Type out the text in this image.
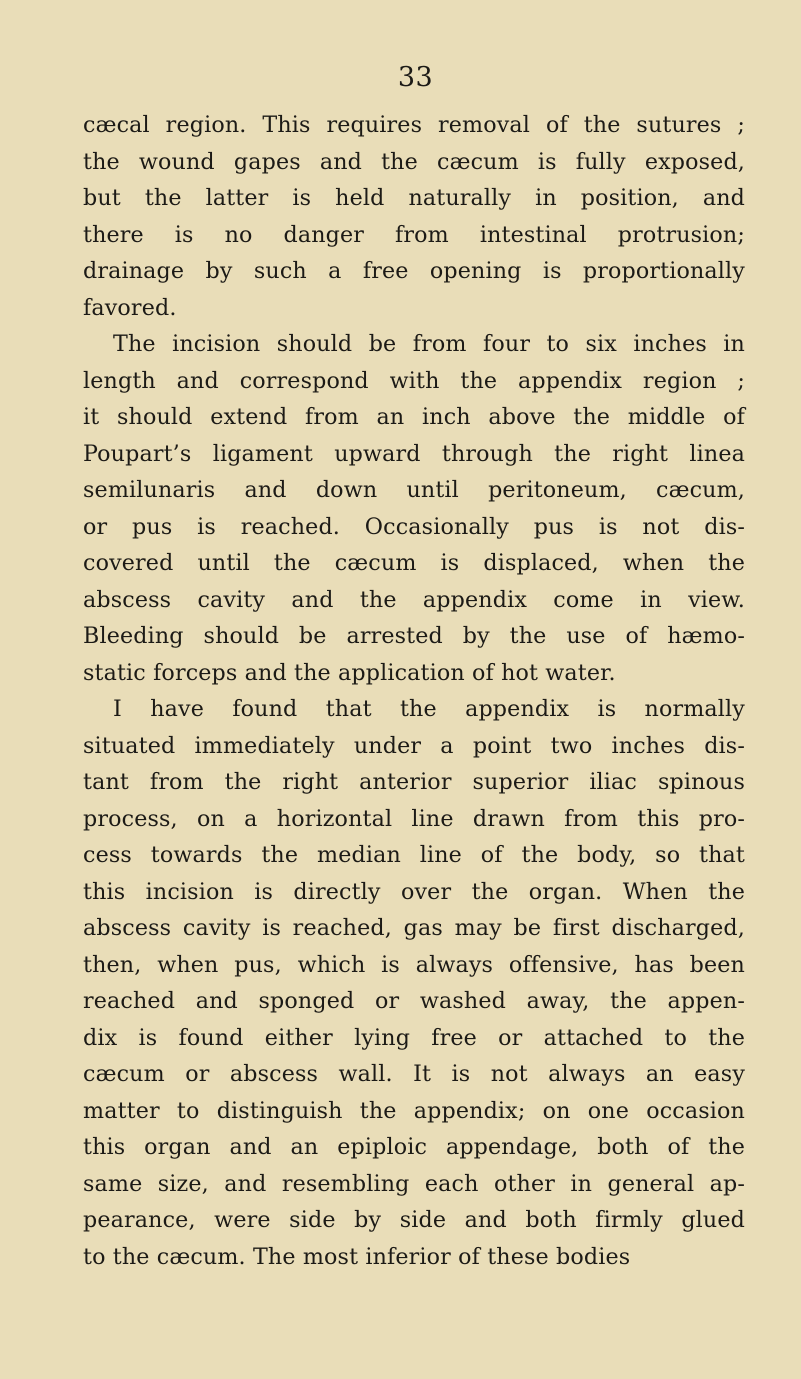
33
cæcal region. This requires removal of the sutures ;
the wound gapes and the cæcum is fully exposed,
but the latter is held naturally in position, and
there is no danger from intestinal protrusion;
drainage by such a free opening is proportionally
favored.
The incision should be from four to six inches in
length and correspond with the appendix region ;
it should extend from an inch above the middle of
Poupart’s ligament upward through the right linea
semilunaris and down until peritoneum, cæcum,
or pus is reached. Occasionally pus is not dis-
covered until the cæcum is displaced, when the
abscess cavity and the appendix come in view.
Bleeding should be arrested by the use of hæmo-
static forceps and the application of hot water.
I have found that the appendix is normally
situated immediately under a point two inches dis-
tant from the right anterior superior iliac spinous
process, on a horizontal line drawn from this pro-
cess towards the median line of the body, so that
this incision is directly over the organ. When the
abscess cavity is reached, gas may be first discharged,
then, when pus, which is always offensive, has been
reached and sponged or washed away, the appen-
dix is found either lying free or attached to the
cæcum or abscess wall. It is not always an easy
matter to distinguish the appendix; on one occasion
this organ and an epiploic appendage, both of the
same size, and resembling each other in general ap-
pearance, were side by side and both firmly glued
to the cæcum. The most inferior of these bodies
